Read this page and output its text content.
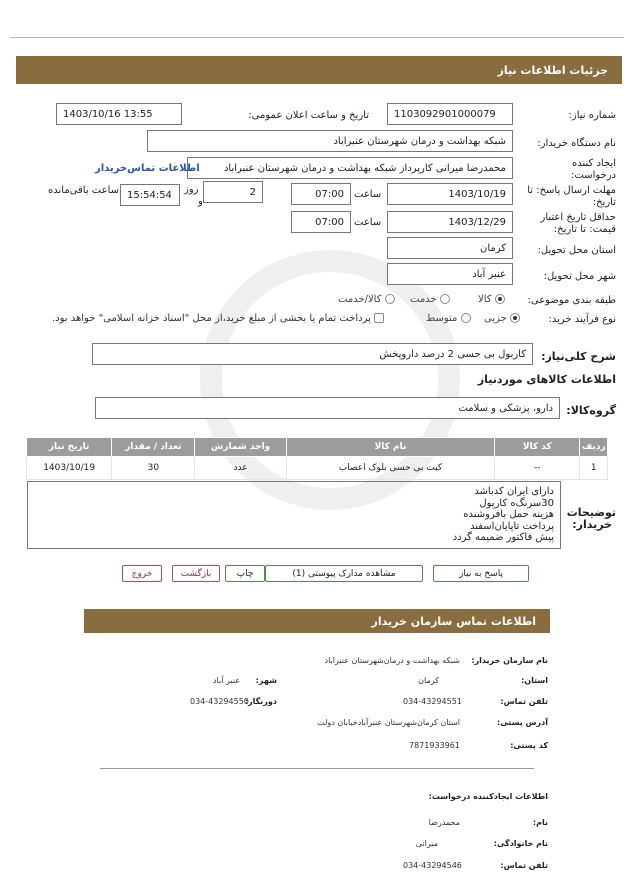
جزئیات اطلاعات نیاز
شماره نیاز:
1103092901000079
تاریخ و ساعت اعلان عمومی:
1403/10/16 13:55
نام دستگاه خریدار:
شبکه بهداشت و درمان شهرستان عنبراباد
ایجاد کننده
درخواست:
محمدرضا میرانی کارپرداز شبکه بهداشت و درمان شهرستان عنبراباد
اطلاعات تماس‌خریدار
مهلت ارسال پاسخ: تا
تاریخ:
1403/10/19
ساعت
07:00
2
روز
و
15:54:54
ساعت باقی‌مانده
حداقل تاریخ اعتبار
قیمت: تا تاریخ:
1403/12/29
ساعت
07:00
استان محل تحویل:
کرمان
شهر محل تحویل:
عنبر آباد
طبقه بندی موضوعی:
کالا
خدمت
کالا/خدمت
نوع فرآیند خرید:
جزیی
متوسط
پرداخت تمام یا بخشی از مبلغ خرید،از محل "اسناد خزانه اسلامی" خواهد بود.
شرح کلی‌نیاز:
کاربول بی حسی 2 درصد داروپخش
اطلاعات کالاهای موردنیاز
گروه‌کالا:
دارو، پزشکی و سلامت
ردیف	کد کالا	نام کالا	واحد شمارش	تعداد / مقدار	تاریخ نیاز
1	--	کیت بی حسی بلوک اعصاب	عدد	30	1403/10/19
توضیحات
خریدار:
دارای ایران کدباشد
30سرنگ‌ه کارپول
هزینه حمل بافروشنده
پرداخت تاپایان‌اسفند
پیش فاکتور ضمیمه گردد
پاسخ به نیاز
مشاهده مدارک پیوستی (1)
چاپ
بازگشت
خروج
اطلاعات تماس سازمان خریدار
نام سازمان خریدار:
شبکه بهداشت و درمان‌شهرستان عنبراباد
استان:
کرمان
شهر:
عنبر آباد
تلفن تماس:
034-43294551
دورنگار:
034-43294550
آدرس پستی:
استان کرمان‌شهرستان عنبرآباد‌خیابان دولت
کد پستی:
7871933961
اطلاعات ایجادکننده درخواست:
نام:
محمدرضا
نام خانوادگی:
میرانی
تلفن تماس:
034-43294546
